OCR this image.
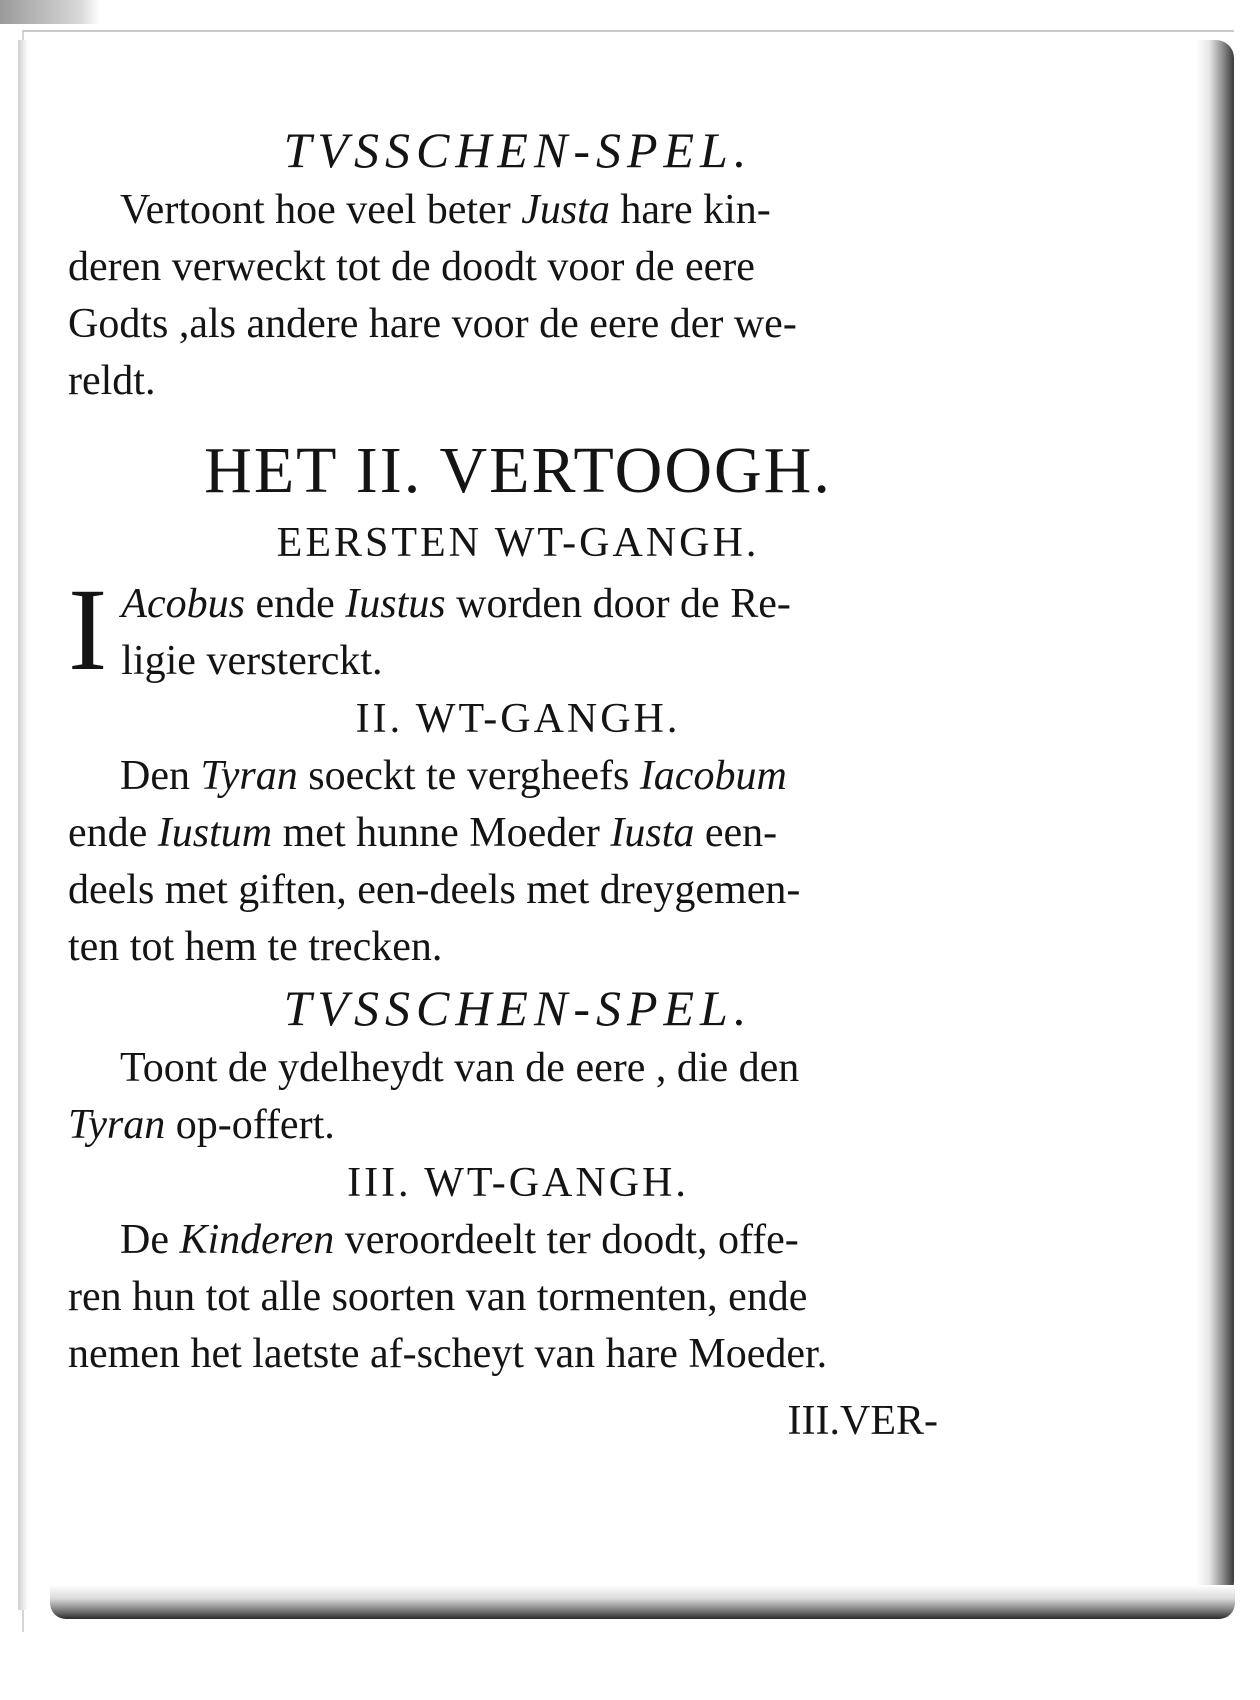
TVSSCHEN-SPEL.

Vertoont hoe veel beter Justa hare kin-

deren verweckt tot de doodt voor de eere

Godts ,als andere hare voor de eere der we-

reldt.

HET II. VERTOOGH.

EERSTEN WT-GANGH.

I Acobus ende Iustus worden door de Re-

ligie versterckt.

II. WT-GANGH.

Den Tyran soeckt te vergheefs Iacobum

ende Iustum met hunne Moeder Iusta een-

deels met giften, een-deels met dreygemen-

ten tot hem te trecken.

TVSSCHEN-SPEL.

Toont de ydelheydt van de eere , die den

Tyran op-offert.

III. WT-GANGH.

De Kinderen veroordeelt ter doodt, offe-

ren hun tot alle soorten van tormenten, ende

nemen het laetste af-scheyt van hare Moeder.

III.VER-
